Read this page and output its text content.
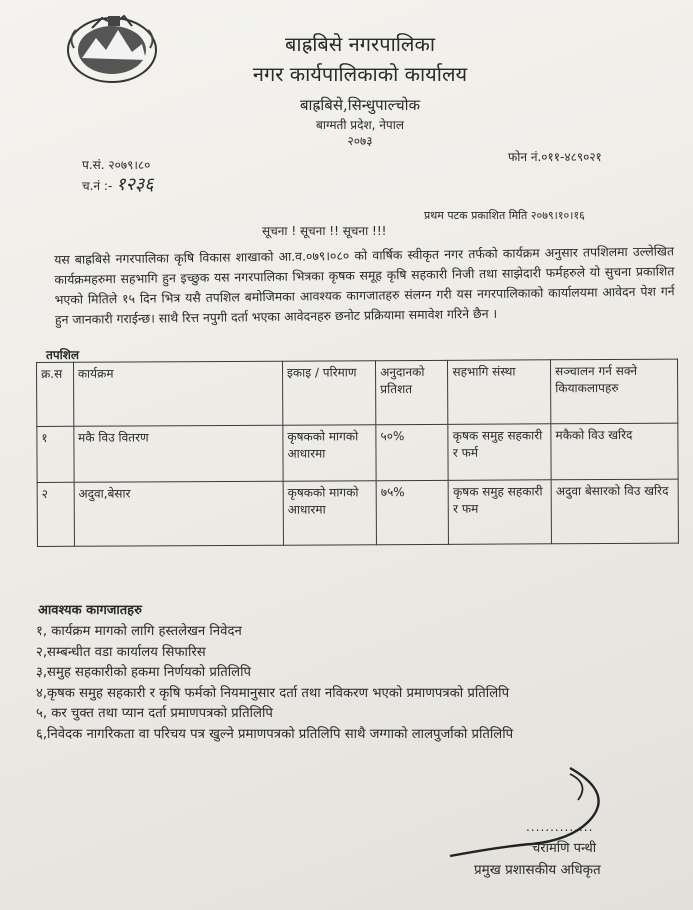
बाह्रबिसे नगरपालिका
नगर कार्यपालिकाको कार्यालय
बाह्रबिसे,सिन्धुपाल्चोक
बाग्मती प्रदेश, नेपाल
२०७३
फोन नं.०११-४८९०२१
प.सं. २०७९।८०
च.नं :- १२३६
प्रथम पटक प्रकाशित मिति २०७९।१०।१६
सूचना ! सूचना !! सूचना !!!
यस बाह्रबिसे नगरपालिका कृषि विकास शाखाको आ.व.०७९।०८० को वार्षिक स्वीकृत नगर तर्फको कार्यक्रम अनुसार तपशिलमा उल्लेखित कार्यक्रमहरुमा सहभागि हुन इच्छुक यस नगरपालिका भित्रका कृषक समूह कृषि सहकारी निजी तथा साझेदारी फर्महरुले यो सुचना प्रकाशित भएको मितिले १५ दिन भित्र यसै तपशिल बमोजिमका आवश्यक कागजातहरु संलग्न गरी यस नगरपालिकाको कार्यालयमा आवेदन पेश गर्न हुन जानकारी गराईन्छ। साथै रित्त नपुगी दर्ता भएका आवेदनहरु छनोट प्रक्रियामा समावेश गरिने छैन ।
तपशिल
क्र.स	कार्यक्रम	इकाइ / परिमाण	अनुदानको प्रतिशत	सहभागि संस्था	सञ्चालन गर्न सक्ने कियाकलापहरु
१	मकै विउ वितरण	कृषकको मागको आधारमा	५०%	कृषक समुह सहकारी र फर्म	मकैको विउ खरिद
२	अदुवा,बेसार	कृषकको मागको आधारमा	७५%	कृषक समुह सहकारी र फम	अदुवा बेसारको विउ खरिद
आवश्यक कागजातहरु
१, कार्यक्रम मागको लागि हस्तलेखन निवेदन
२,सम्बन्धीत वडा कार्यालय सिफारिस
३,समुह सहकारीको हकमा निर्णयको प्रतिलिपि
४,कृषक समुह सहकारी र कृषि फर्मको नियमानुसार दर्ता तथा नविकरण भएको प्रमाणपत्रको प्रतिलिपि
५, कर चुक्त तथा प्यान दर्ता प्रमाणपत्रको प्रतिलिपि
६,निवेदक नागरिकता वा परिचय पत्र खुल्ने प्रमाणपत्रको प्रतिलिपि साथै जग्गाको लालपुर्जाको प्रतिलिपि
..............
चरामणि पन्थी
प्रमुख प्रशासकीय अधिकृत
